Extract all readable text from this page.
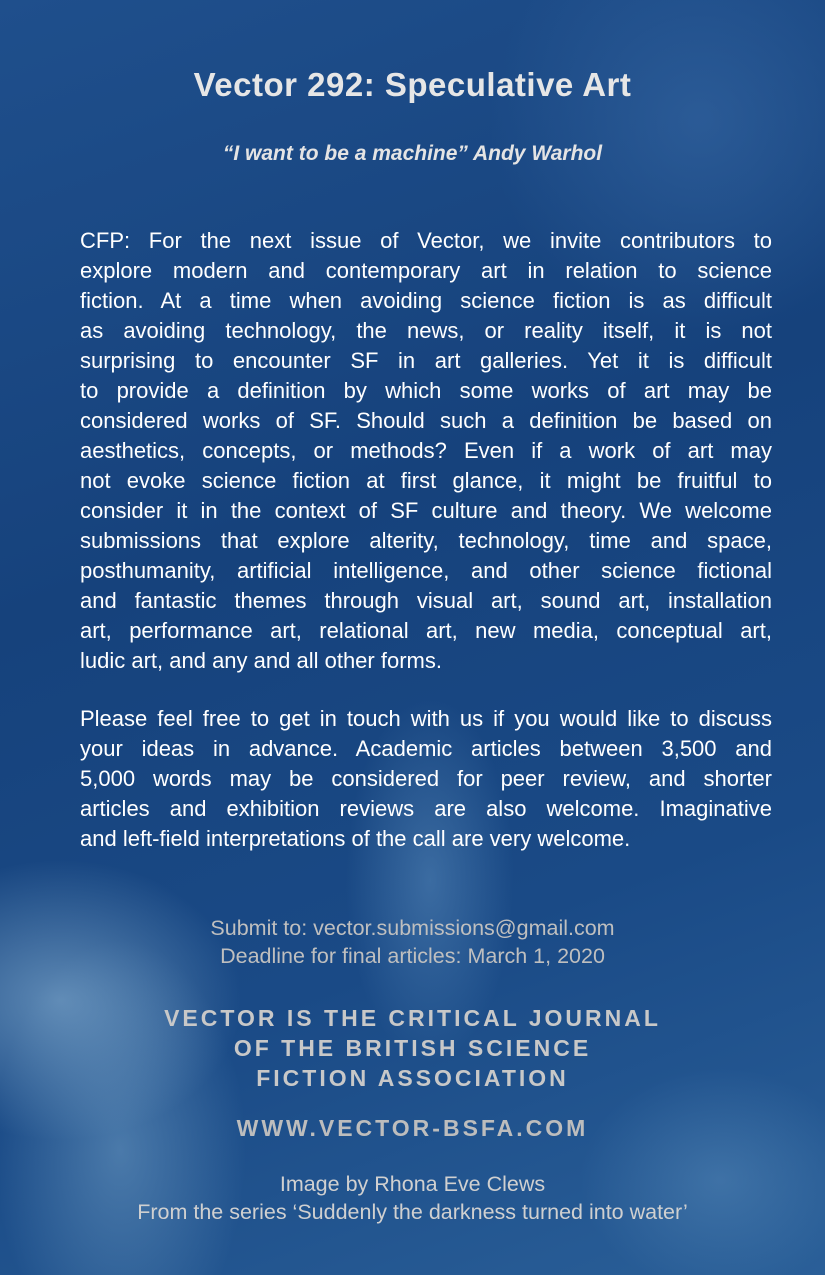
Vector 292: Speculative Art
“I want to be a machine” Andy Warhol
CFP: For the next issue of Vector, we invite contributors to
explore modern and contemporary art in relation to science
fiction. At a time when avoiding science fiction is as difficult
as avoiding technology, the news, or reality itself, it is not
surprising to encounter SF in art galleries. Yet it is difficult
to provide a definition by which some works of art may be
considered works of SF. Should such a definition be based on
aesthetics, concepts, or methods? Even if a work of art may
not evoke science fiction at first glance, it might be fruitful to
consider it in the context of SF culture and theory. We welcome
submissions that explore alterity, technology, time and space,
posthumanity, artificial intelligence, and other science fictional
and fantastic themes through visual art, sound art, installation
art, performance art, relational art, new media, conceptual art,
ludic art, and any and all other forms.
Please feel free to get in touch with us if you would like to discuss
your ideas in advance. Academic articles between 3,500 and
5,000 words may be considered for peer review, and shorter
articles and exhibition reviews are also welcome. Imaginative
and left-field interpretations of the call are very welcome.
Submit to: vector.submissions@gmail.com
Deadline for final articles: March 1, 2020
VECTOR IS THE CRITICAL JOURNAL
OF THE BRITISH SCIENCE
FICTION ASSOCIATION
WWW.VECTOR-BSFA.COM
Image by Rhona Eve Clews
From the series ‘Suddenly the darkness turned into water’
